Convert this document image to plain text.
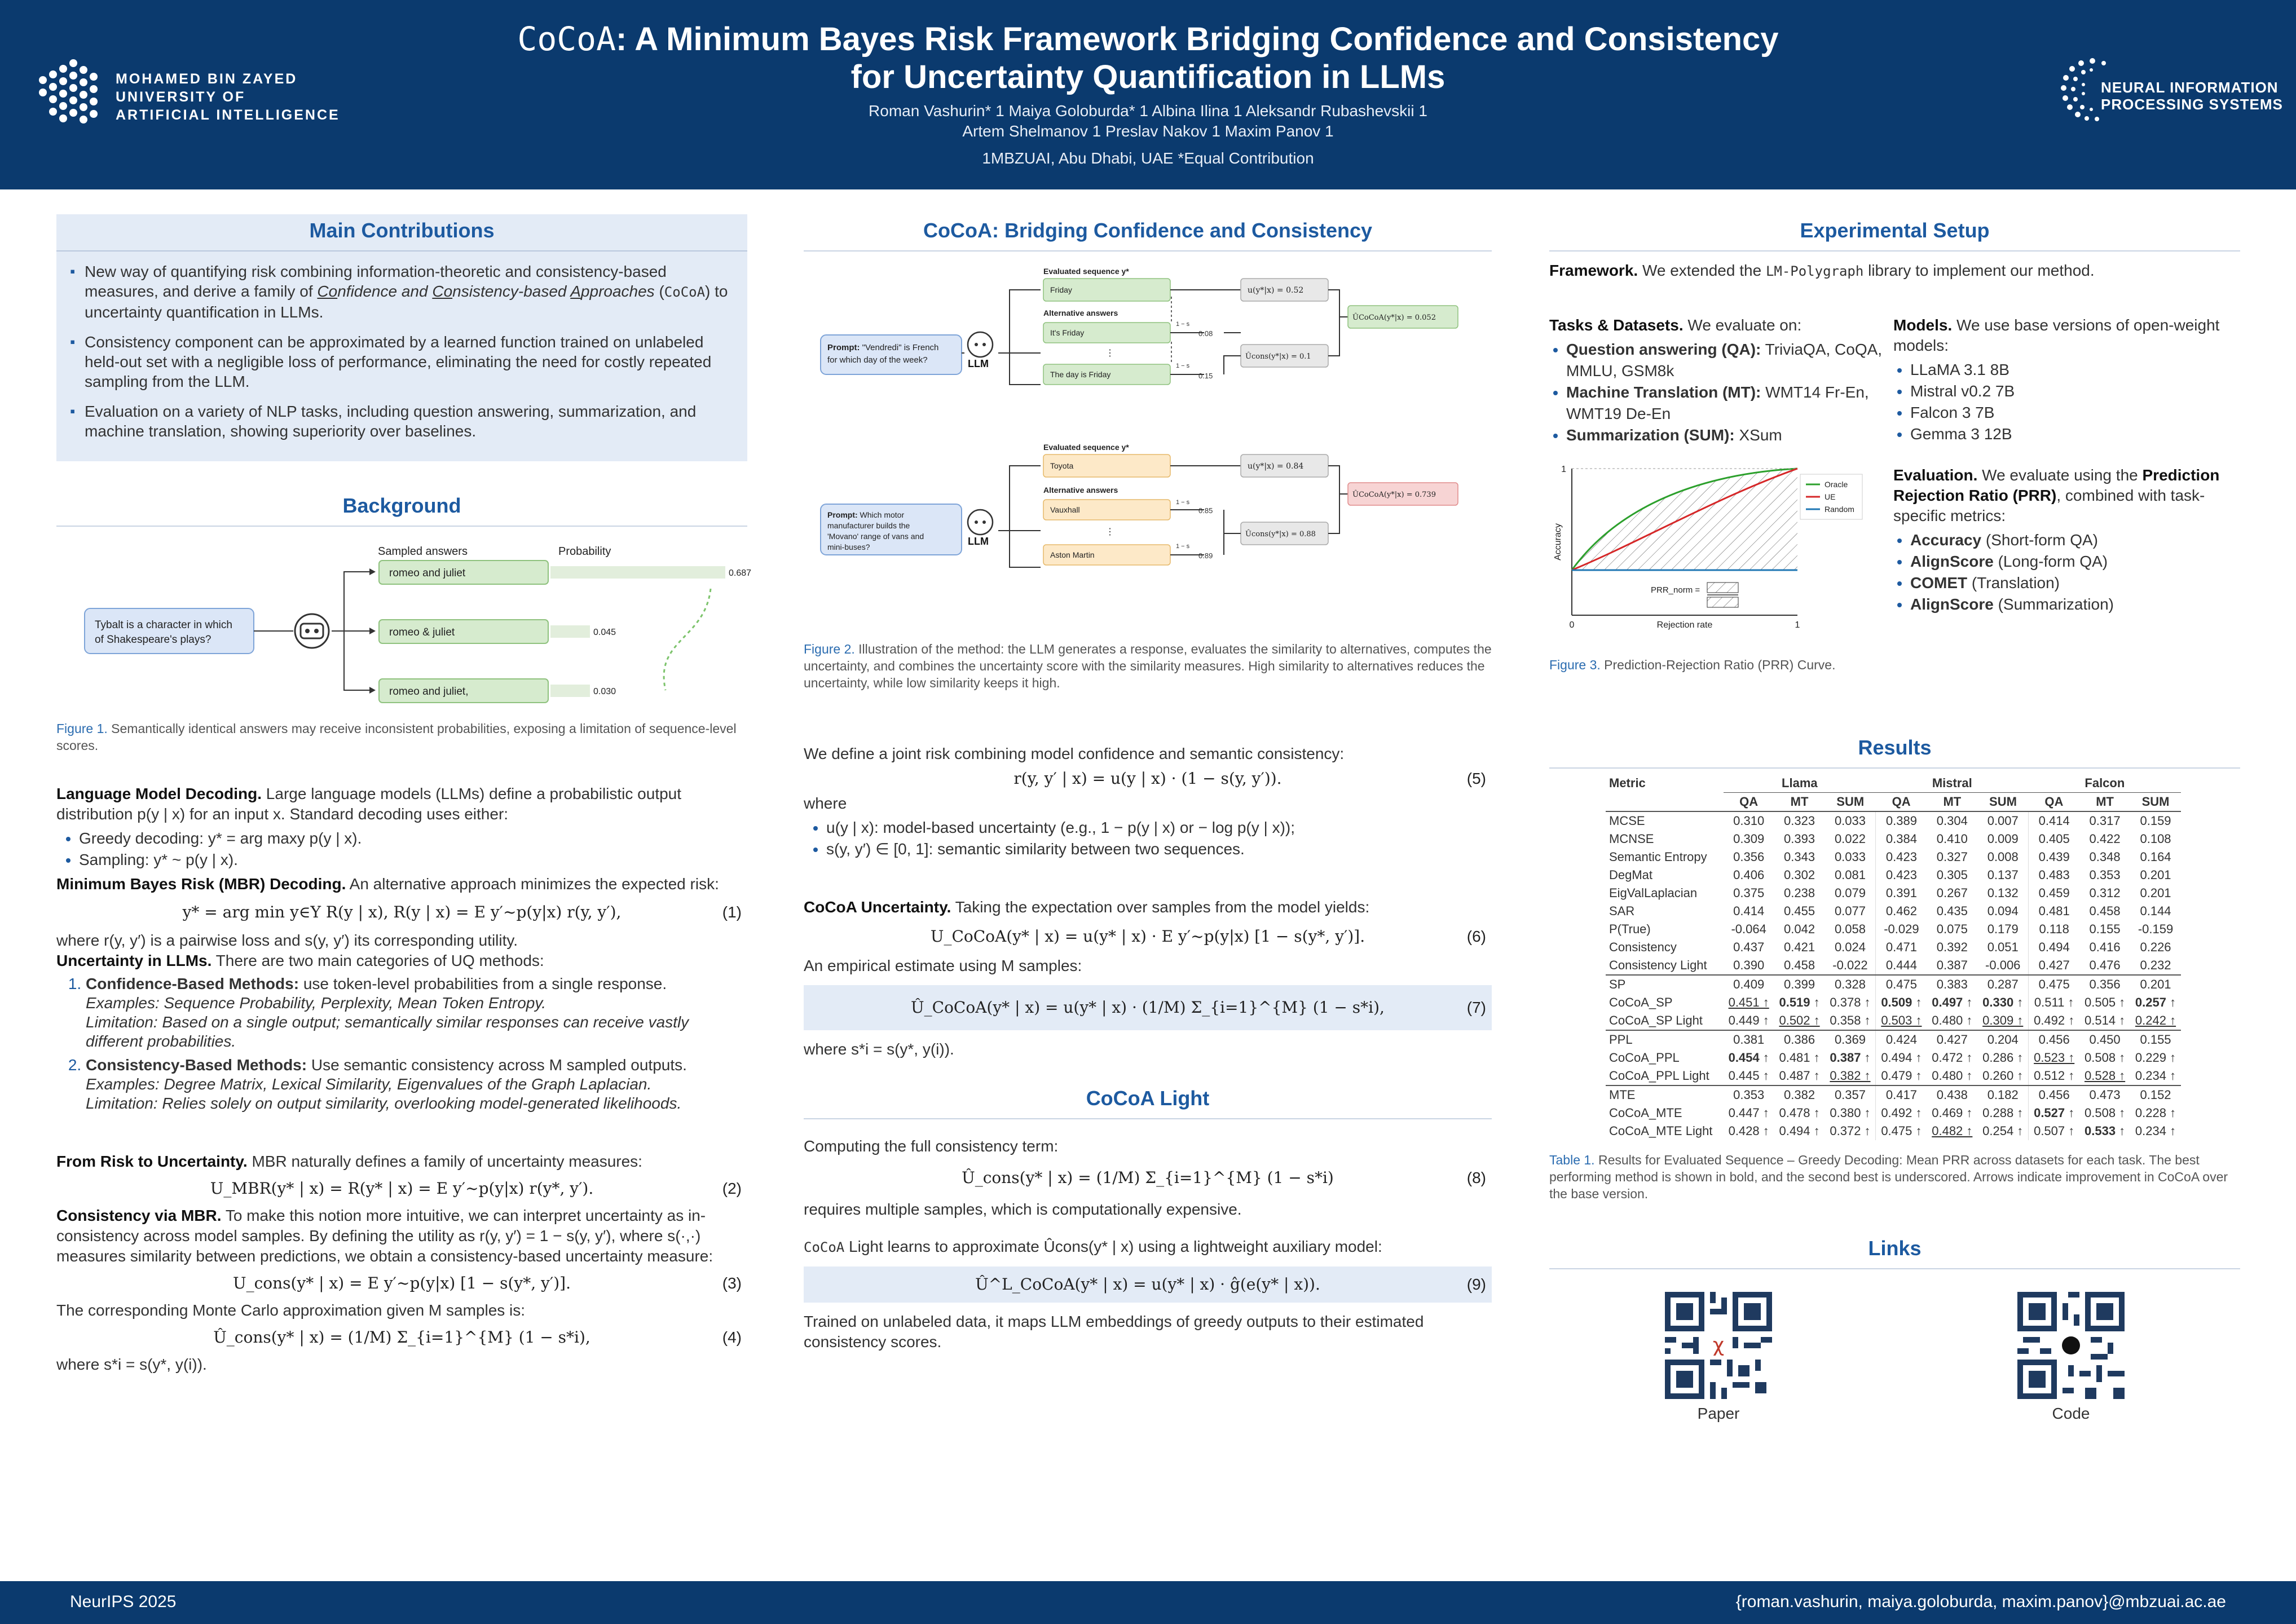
MOHAMED BIN ZAYED
UNIVERSITY OF
ARTIFICIAL INTELLIGENCE
CoCoA: A Minimum Bayes Risk Framework Bridging Confidence and Consistency
for Uncertainty Quantification in LLMs
Roman Vashurin* 1 Maiya Goloburda* 1 Albina Ilina 1 Aleksandr Rubashevskii 1
Artem Shelmanov 1 Preslav Nakov 1 Maxim Panov 1
1MBZUAI, Abu Dhabi, UAE *Equal Contribution
NEURAL INFORMATION
PROCESSING SYSTEMS
Main Contributions
▪ New way of quantifying risk combining information-theoretic and consistency-based measures, and derive a family of Confidence and Consistency-based Approaches (CoCoA) to uncertainty quantification in LLMs.
▪ Consistency component can be approximated by a learned function trained on unlabeled held-out set with a negligible loss of performance, eliminating the need for costly repeated sampling from the LLM.
▪ Evaluation on a variety of NLP tasks, including question answering, summarization, and machine translation, showing superiority over baselines.
Background
Sampled answers	Probability
Tybalt is a character in which
of Shakespeare's plays?
romeo and juliet	0.687
romeo & juliet	0.045
romeo and juliet,	0.030

Figure 1. Semantically identical answers may receive inconsistent probabilities, exposing a limitation of sequence-level scores.

Language Model Decoding. Large language models (LLMs) define a probabilistic output distribution p(y | x) for an input x. Standard decoding uses either:

• Greedy decoding: y* = arg maxy p(y | x).
• Sampling: y* ~ p(y | x).

Minimum Bayes Risk (MBR) Decoding. An alternative approach minimizes the expected risk:

y* = arg min y∈Y R(y | x), R(y | x) = E y′~p(y|x) r(y, y′),	(1)

where r(y, y′) is a pairwise loss and s(y, y′) its corresponding utility.

Uncertainty in LLMs. There are two main categories of UQ methods:

1. Confidence-Based Methods: use token-level probabilities from a single response.
Examples: Sequence Probability, Perplexity, Mean Token Entropy.
Limitation: Based on a single output; semantically similar responses can receive vastly different probabilities.
2. Consistency-Based Methods: Use semantic consistency across M sampled outputs.
Examples: Degree Matrix, Lexical Similarity, Eigenvalues of the Graph Laplacian.
Limitation: Relies solely on output similarity, overlooking model-generated likelihoods.

From Risk to Uncertainty. MBR naturally defines a family of uncertainty measures:

U_MBR(y* | x) = R(y* | x) = E y′~p(y|x) r(y*, y′).	(2)

Consistency via MBR. To make this notion more intuitive, we can interpret uncertainty as in-consistency across model samples. By defining the utility as r(y, y′) = 1 − s(y, y′), where s(·,·) measures similarity between predictions, we obtain a consistency-based uncertainty measure:

U_cons(y* | x) = E y′~p(y|x) [1 − s(y*, y′)].	(3)

The corresponding Monte Carlo approximation given M samples is:

Û_cons(y* | x) = (1/M) Σ_{i=1}^{M} (1 − s*i),	(4)

where s*i = s(y*, y(i)).

CoCoA: Bridging Confidence and Consistency
Prompt: "Vendredi" is French
for which day of the week?	LLM
Evaluated sequence y*
Friday
Alternative answers
It's Friday
⋮
The day is Friday
1 − s
1 − s
0.08
0.15
u(y*|x) = 0.52
Ûcons(y*|x) = 0.1
ÛCoCoA(y*|x) = 0.052
Prompt: Which motor
manufacturer builds the
'Movano' range of vans and
mini-buses?	LLM
Evaluated sequence y*
Toyota
Alternative answers
Vauxhall
⋮
Aston Martin
1 − s
1 − s
0.85
0.89
u(y*|x) = 0.84
Ûcons(y*|x) = 0.88
ÛCoCoA(y*|x) = 0.739

Figure 2. Illustration of the method: the LLM generates a response, evaluates the similarity to alternatives, computes the uncertainty, and combines the uncertainty score with the similarity measures. High similarity to alternatives reduces the uncertainty, while low similarity keeps it high.

We define a joint risk combining model confidence and semantic consistency:

r(y, y′ | x) = u(y | x) · (1 − s(y, y′)).	(5)

where

• u(y | x): model-based uncertainty (e.g., 1 − p(y | x) or − log p(y | x));
• s(y, y′) ∈ [0, 1]: semantic similarity between two sequences.

CoCoA Uncertainty. Taking the expectation over samples from the model yields:

U_CoCoA(y* | x) = u(y* | x) · E y′~p(y|x) [1 − s(y*, y′)].	(6)

An empirical estimate using M samples:

Û_CoCoA(y* | x) = u(y* | x) · (1/M) Σ_{i=1}^{M} (1 − s*i),	(7)

where s*i = s(y*, y(i)).

CoCoA Light

Computing the full consistency term:

Û_cons(y* | x) = (1/M) Σ_{i=1}^{M} (1 − s*i)	(8)

requires multiple samples, which is computationally expensive.

CoCoA Light learns to approximate Ûcons(y* | x) using a lightweight auxiliary model:

Û^L_CoCoA(y* | x) = u(y* | x) · ĝ(e(y* | x)).	(9)

Trained on unlabeled data, it maps LLM embeddings of greedy outputs to their estimated consistency scores.

Experimental Setup

Framework. We extended the LM-Polygraph library to implement our method.

Tasks & Datasets. We evaluate on:

• Question answering (QA): TriviaQA, CoQA, MMLU, GSM8k
• Machine Translation (MT): WMT14 Fr-En, WMT19 De-En
• Summarization (SUM): XSum
1
0	1
Rejection rate
Accuracy
Oracle
UE
Random
PRR_norm =

Figure 3. Prediction-Rejection Ratio (PRR) Curve.

Models. We use base versions of open-weight models:

• LLaMA 3.1 8B
• Mistral v0.2 7B
• Falcon 3 7B
• Gemma 3 12B

Evaluation. We evaluate using the Prediction Rejection Ratio (PRR), combined with task-specific metrics:

• Accuracy (Short-form QA)
• AlignScore (Long-form QA)
• COMET (Translation)
• AlignScore (Summarization)
Results
Metric	Llama			Mistral			Falcon		
	QA	MT	SUM	QA	MT	SUM	QA	MT	SUM
MCSE	0.310	0.323	0.033	0.389	0.304	0.007	0.414	0.317	0.159
MCNSE	0.309	0.393	0.022	0.384	0.410	0.009	0.405	0.422	0.108
Semantic Entropy	0.356	0.343	0.033	0.423	0.327	0.008	0.439	0.348	0.164
DegMat	0.406	0.302	0.081	0.423	0.305	0.137	0.483	0.353	0.201
EigValLaplacian	0.375	0.238	0.079	0.391	0.267	0.132	0.459	0.312	0.201
SAR	0.414	0.455	0.077	0.462	0.435	0.094	0.481	0.458	0.144
P(True)	-0.064	0.042	0.058	-0.029	0.075	0.179	0.118	0.155	-0.159
Consistency	0.437	0.421	0.024	0.471	0.392	0.051	0.494	0.416	0.226
Consistency Light	0.390	0.458	-0.022	0.444	0.387	-0.006	0.427	0.476	0.232
SP	0.409	0.399	0.328	0.475	0.383	0.287	0.475	0.356	0.201
CoCoA_SP	0.451 ↑	0.519 ↑	0.378 ↑	0.509 ↑	0.497 ↑	0.330 ↑	0.511 ↑	0.505 ↑	0.257 ↑
CoCoA_SP Light	0.449 ↑	0.502 ↑	0.358 ↑	0.503 ↑	0.480 ↑	0.309 ↑	0.492 ↑	0.514 ↑	0.242 ↑
PPL	0.381	0.386	0.369	0.424	0.427	0.204	0.456	0.450	0.155
CoCoA_PPL	0.454 ↑	0.481 ↑	0.387 ↑	0.494 ↑	0.472 ↑	0.286 ↑	0.523 ↑	0.508 ↑	0.229 ↑
CoCoA_PPL Light	0.445 ↑	0.487 ↑	0.382 ↑	0.479 ↑	0.480 ↑	0.260 ↑	0.512 ↑	0.528 ↑	0.234 ↑
MTE	0.353	0.382	0.357	0.417	0.438	0.182	0.456	0.473	0.152
CoCoA_MTE	0.447 ↑	0.478 ↑	0.380 ↑	0.492 ↑	0.469 ↑	0.288 ↑	0.527 ↑	0.508 ↑	0.228 ↑
CoCoA_MTE Light	0.428 ↑	0.494 ↑	0.372 ↑	0.475 ↑	0.482 ↑	0.254 ↑	0.507 ↑	0.533 ↑	0.234 ↑

Table 1. Results for Evaluated Sequence – Greedy Decoding: Mean PRR across datasets for each task. The best performing method is shown in bold, and the second best is underscored. Arrows indicate improvement in CoCoA over the base version.

Links
χ
Paper	Code
NeurIPS 2025	{roman.vashurin, maiya.goloburda, maxim.panov}@mbzuai.ac.ae
